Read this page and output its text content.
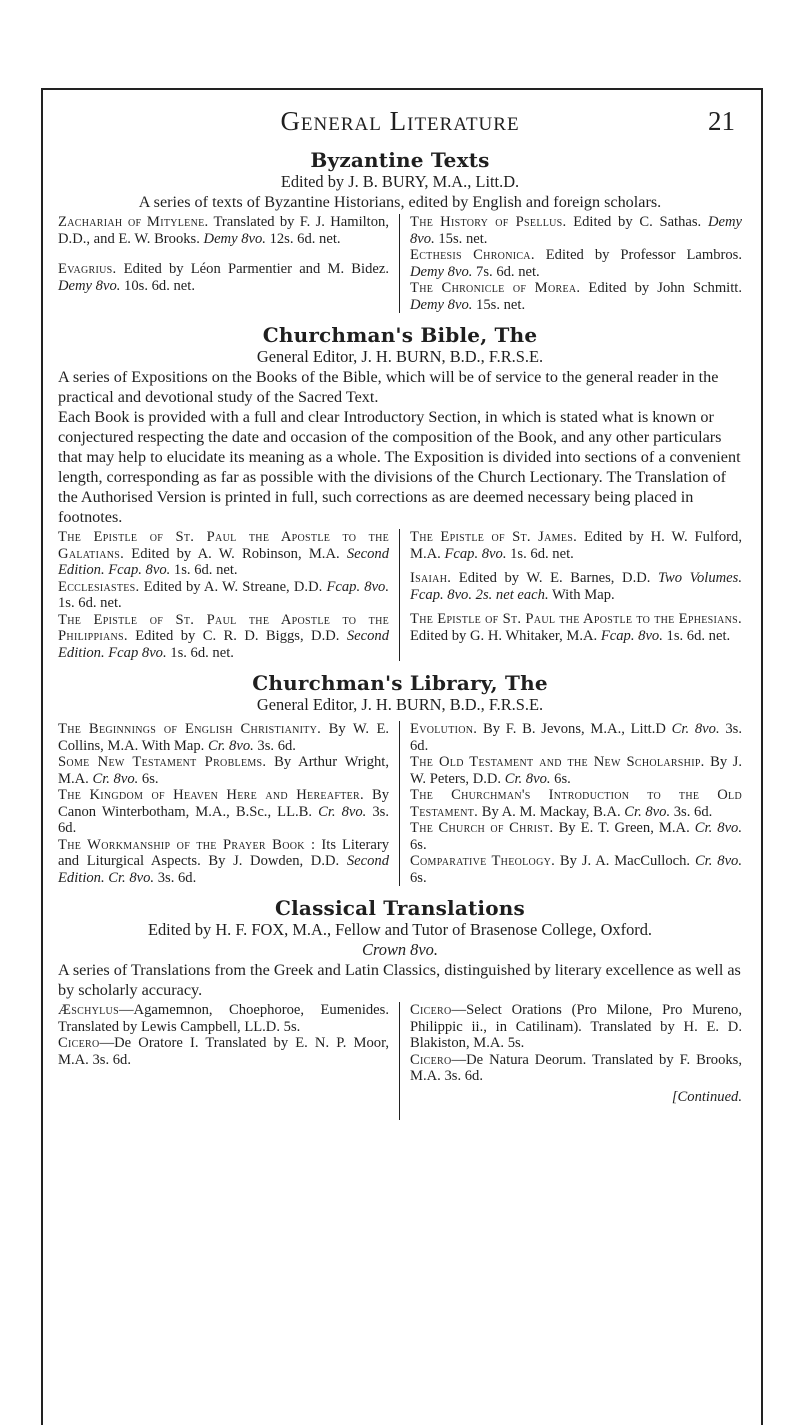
General Literature	21
Byzantine Texts

Edited by J. B. BURY, M.A., Litt.D.

A series of texts of Byzantine Historians, edited by English and foreign scholars.

Zachariah of Mitylene. Translated by F. J. Hamilton, D.D., and E. W. Brooks. Demy 8vo. 12s. 6d. net.

Evagrius. Edited by Léon Parmentier and M. Bidez. Demy 8vo. 10s. 6d. net.

The History of Psellus. Edited by C. Sathas. Demy 8vo. 15s. net.

Ecthesis Chronica. Edited by Professor Lambros. Demy 8vo. 7s. 6d. net.

The Chronicle of Morea. Edited by John Schmitt. Demy 8vo. 15s. net.

Churchman's Bible, The

General Editor, J. H. BURN, B.D., F.R.S.E.

A series of Expositions on the Books of the Bible, which will be of service to the general reader in the practical and devotional study of the Sacred Text.

Each Book is provided with a full and clear Introductory Section, in which is stated what is known or conjectured respecting the date and occasion of the composition of the Book, and any other particulars that may help to elucidate its meaning as a whole. The Exposition is divided into sections of a convenient length, corresponding as far as possible with the divisions of the Church Lectionary. The Translation of the Authorised Version is printed in full, such corrections as are deemed necessary being placed in footnotes.

The Epistle of St. Paul the Apostle to the Galatians. Edited by A. W. Robinson, M.A. Second Edition. Fcap. 8vo. 1s. 6d. net.

Ecclesiastes. Edited by A. W. Streane, D.D. Fcap. 8vo. 1s. 6d. net.

The Epistle of St. Paul the Apostle to the Philippians. Edited by C. R. D. Biggs, D.D. Second Edition. Fcap 8vo. 1s. 6d. net.

The Epistle of St. James. Edited by H. W. Fulford, M.A. Fcap. 8vo. 1s. 6d. net.

Isaiah. Edited by W. E. Barnes, D.D. Two Volumes. Fcap. 8vo. 2s. net each. With Map.

The Epistle of St. Paul the Apostle to the Ephesians. Edited by G. H. Whitaker, M.A. Fcap. 8vo. 1s. 6d. net.

Churchman's Library, The

General Editor, J. H. BURN, B.D., F.R.S.E.

The Beginnings of English Christianity. By W. E. Collins, M.A. With Map. Cr. 8vo. 3s. 6d.

Some New Testament Problems. By Arthur Wright, M.A. Cr. 8vo. 6s.

The Kingdom of Heaven Here and Hereafter. By Canon Winterbotham, M.A., B.Sc., LL.B. Cr. 8vo. 3s. 6d.

The Workmanship of the Prayer Book : Its Literary and Liturgical Aspects. By J. Dowden, D.D. Second Edition. Cr. 8vo. 3s. 6d.

Evolution. By F. B. Jevons, M.A., Litt.D Cr. 8vo. 3s. 6d.

The Old Testament and the New Scholarship. By J. W. Peters, D.D. Cr. 8vo. 6s.

The Churchman's Introduction to the Old Testament. By A. M. Mackay, B.A. Cr. 8vo. 3s. 6d.

The Church of Christ. By E. T. Green, M.A. Cr. 8vo. 6s.

Comparative Theology. By J. A. MacCulloch. Cr. 8vo. 6s.

Classical Translations

Edited by H. F. FOX, M.A., Fellow and Tutor of Brasenose College, Oxford.

Crown 8vo.

A series of Translations from the Greek and Latin Classics, distinguished by literary excellence as well as by scholarly accuracy.

Æschylus—Agamemnon, Choephoroe, Eumenides. Translated by Lewis Campbell, LL.D. 5s.

Cicero—De Oratore I. Translated by E. N. P. Moor, M.A. 3s. 6d.

Cicero—Select Orations (Pro Milone, Pro Mureno, Philippic ii., in Catilinam). Translated by H. E. D. Blakiston, M.A. 5s.

Cicero—De Natura Deorum. Translated by F. Brooks, M.A. 3s. 6d.

[Continued.
